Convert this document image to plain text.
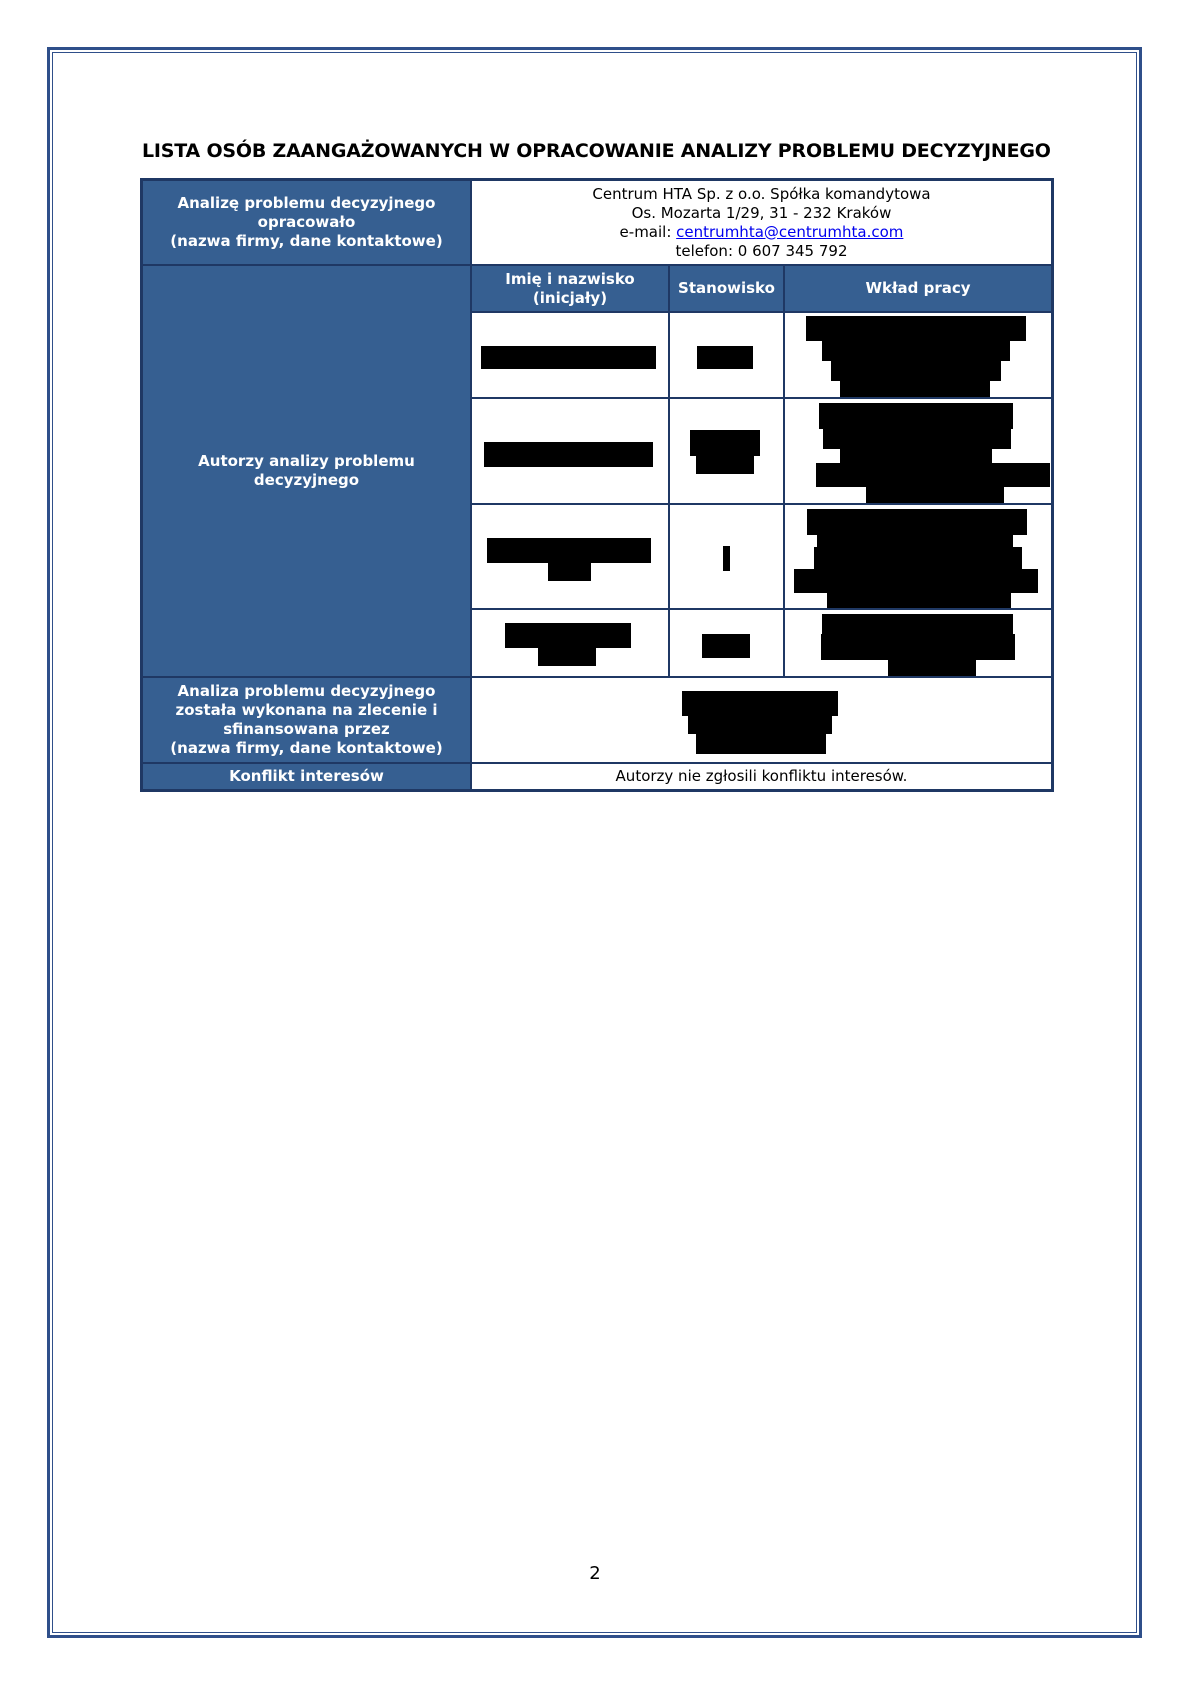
LISTA OSÓB ZAANGAŻOWANYCH W OPRACOWANIE ANALIZY PROBLEMU DECYZYJNEGO
Analizę problemu decyzyjnego
opracowało
(nazwa firmy, dane kontaktowe)
Centrum HTA Sp. z o.o. Spółka komandytowa
Os. Mozarta 1/29, 31 - 232 Kraków
e-mail: centrumhta@centrumhta.com
telefon: 0 607 345 792
Autorzy analizy problemu
decyzyjnego
Imię i nazwisko
(inicjały)
Stanowisko	Wkład pracy
Analiza problemu decyzyjnego
została wykonana na zlecenie i
sfinansowana przez
(nazwa firmy, dane kontaktowe)
Konflikt interesów	Autorzy nie zgłosili konfliktu interesów.
2
